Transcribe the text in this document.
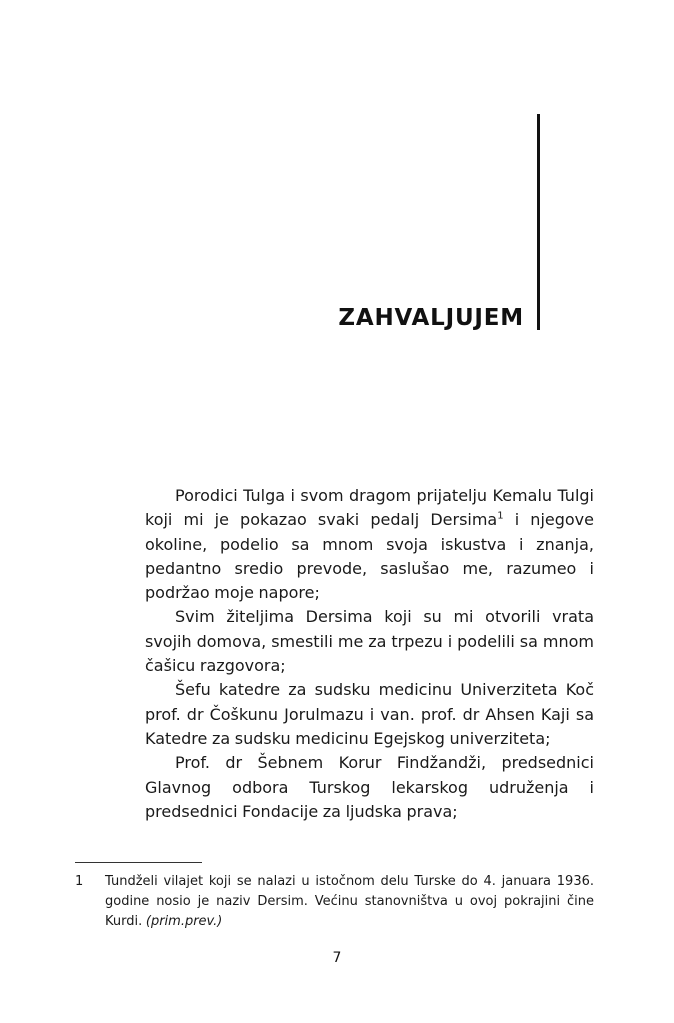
ZAHVALJUJEM

Porodici Tulga i svom dragom prijatelju Kemalu Tulgi koji mi je pokazao svaki pedalj Dersima$^1$ i njegove okoline, podelio sa mnom svoja iskustva i znanja, pedantno sredio prevode, saslušao me, razumeo i podržao moje napore;

Svim žiteljima Dersima koji su mi otvorili vrata svojih domova, smestili me za trpezu i podelili sa mnom čašicu razgovora;

Šefu katedre za sudsku medicinu Univerziteta Koč prof. dr Čoškunu Jorulmazu i van. prof. dr Ahsen Kaji sa Katedre za sudsku medicinu Egejskog univerziteta;

Prof. dr Šebnem Korur Findžandži, predsednici Glavnog odbora Turskog lekarskog udruženja i predsednici Fondacije za ljudska prava;

1 Tundželi vilajet koji se nalazi u istočnom delu Turske do 4. januara 1936. godine nosio je naziv Dersim. Većinu stanovništva u ovoj pokrajini čine Kurdi. (prim.prev.)
7
